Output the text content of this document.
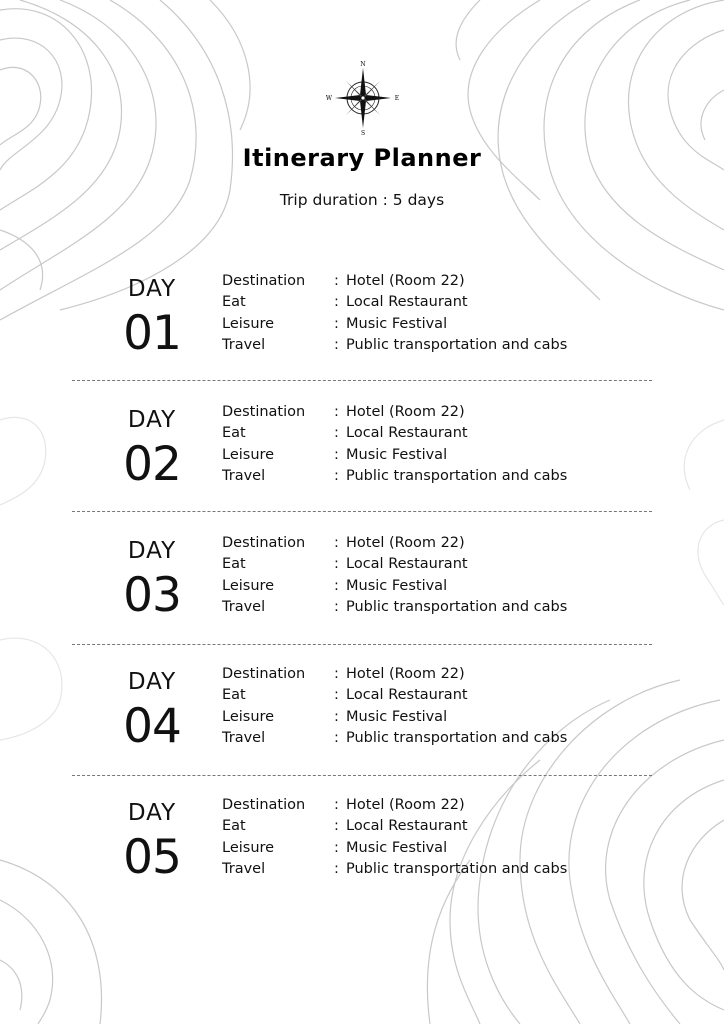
N
E
S
W
Itinerary Planner
Trip duration : 5 days
DAY
01
Destination : Hotel (Room 22)
Eat	: Local Restaurant
Leisure	: Music Festival
Travel	: Public transportation and cabs
DAY
02
Destination : Hotel (Room 22)
Eat	: Local Restaurant
Leisure	: Music Festival
Travel	: Public transportation and cabs
DAY
03
Destination : Hotel (Room 22)
Eat	: Local Restaurant
Leisure	: Music Festival
Travel	: Public transportation and cabs
DAY
04
Destination : Hotel (Room 22)
Eat	: Local Restaurant
Leisure	: Music Festival
Travel	: Public transportation and cabs
DAY
05
Destination : Hotel (Room 22)
Eat	: Local Restaurant
Leisure	: Music Festival
Travel	: Public transportation and cabs
